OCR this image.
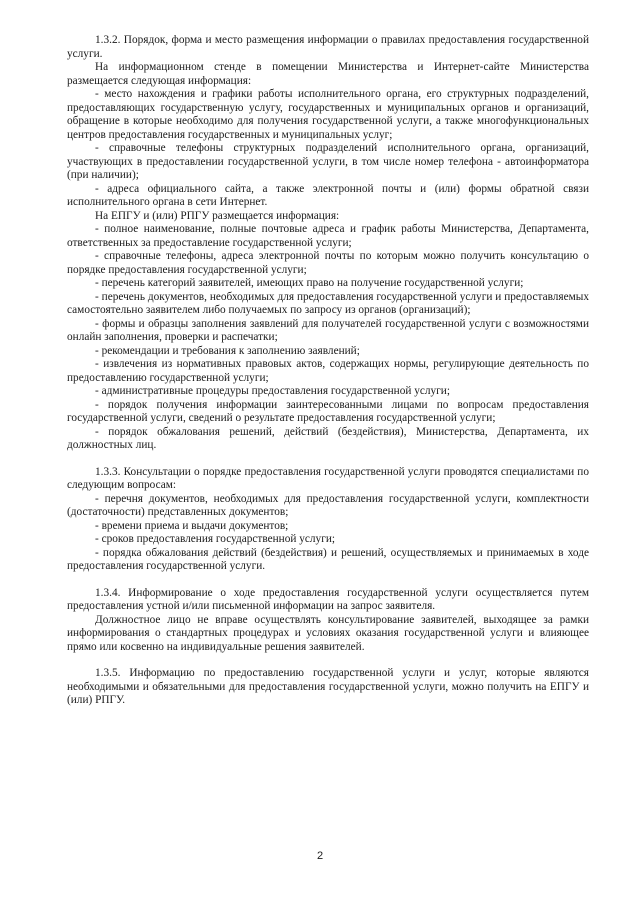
1.3.2. Порядок, форма и место размещения информации о правилах предоставления государственной услуги.

На информационном стенде в помещении Министерства и Интернет-сайте Министерства размещается следующая информация:

- место нахождения и графики работы исполнительного органа, его структурных подразделений, предоставляющих государственную услугу, государственных и муниципальных органов и организаций, обращение в которые необходимо для получения государственной услуги, а также многофункциональных центров предоставления государственных и муниципальных услуг;

- справочные телефоны структурных подразделений исполнительного органа, организаций, участвующих в предоставлении государственной услуги, в том числе номер телефона - автоинформатора (при наличии);

- адреса официального сайта, а также электронной почты и (или) формы обратной связи исполнительного органа в сети Интернет.

На ЕПГУ и (или) РПГУ размещается информация:

- полное наименование, полные почтовые адреса и график работы Министерства, Департамента, ответственных за предоставление государственной услуги;

- справочные телефоны, адреса электронной почты по которым можно получить консультацию о порядке предоставления государственной услуги;

- перечень категорий заявителей, имеющих право на получение государственной услуги;

- перечень документов, необходимых для предоставления государственной услуги и предоставляемых самостоятельно заявителем либо получаемых по запросу из органов (организаций);

- формы и образцы заполнения заявлений для получателей государственной услуги с возможностями онлайн заполнения, проверки и распечатки;

- рекомендации и требования к заполнению заявлений;

- извлечения из нормативных правовых актов, содержащих нормы, регулирующие деятельность по предоставлению государственной услуги;

- административные процедуры предоставления государственной услуги;

- порядок получения информации заинтересованными лицами по вопросам предоставления государственной услуги, сведений о результате предоставления государственной услуги;

- порядок обжалования решений, действий (бездействия), Министерства, Департамента, их должностных лиц.

1.3.3. Консультации о порядке предоставления государственной услуги проводятся специалистами по следующим вопросам:

- перечня документов, необходимых для предоставления государственной услуги, комплектности (достаточности) представленных документов;

- времени приема и выдачи документов;

- сроков предоставления государственной услуги;

- порядка обжалования действий (бездействия) и решений, осуществляемых и принимаемых в ходе предоставления государственной услуги.

1.3.4. Информирование о ходе предоставления государственной услуги осуществляется путем предоставления устной и/или письменной информации на запрос заявителя.

Должностное лицо не вправе осуществлять консультирование заявителей, выходящее за рамки информирования о стандартных процедурах и условиях оказания государственной услуги и влияющее прямо или косвенно на индивидуальные решения заявителей.

1.3.5. Информацию по предоставлению государственной услуги и услуг, которые являются необходимыми и обязательными для предоставления государственной услуги, можно получить на ЕПГУ и (или) РПГУ.

2
